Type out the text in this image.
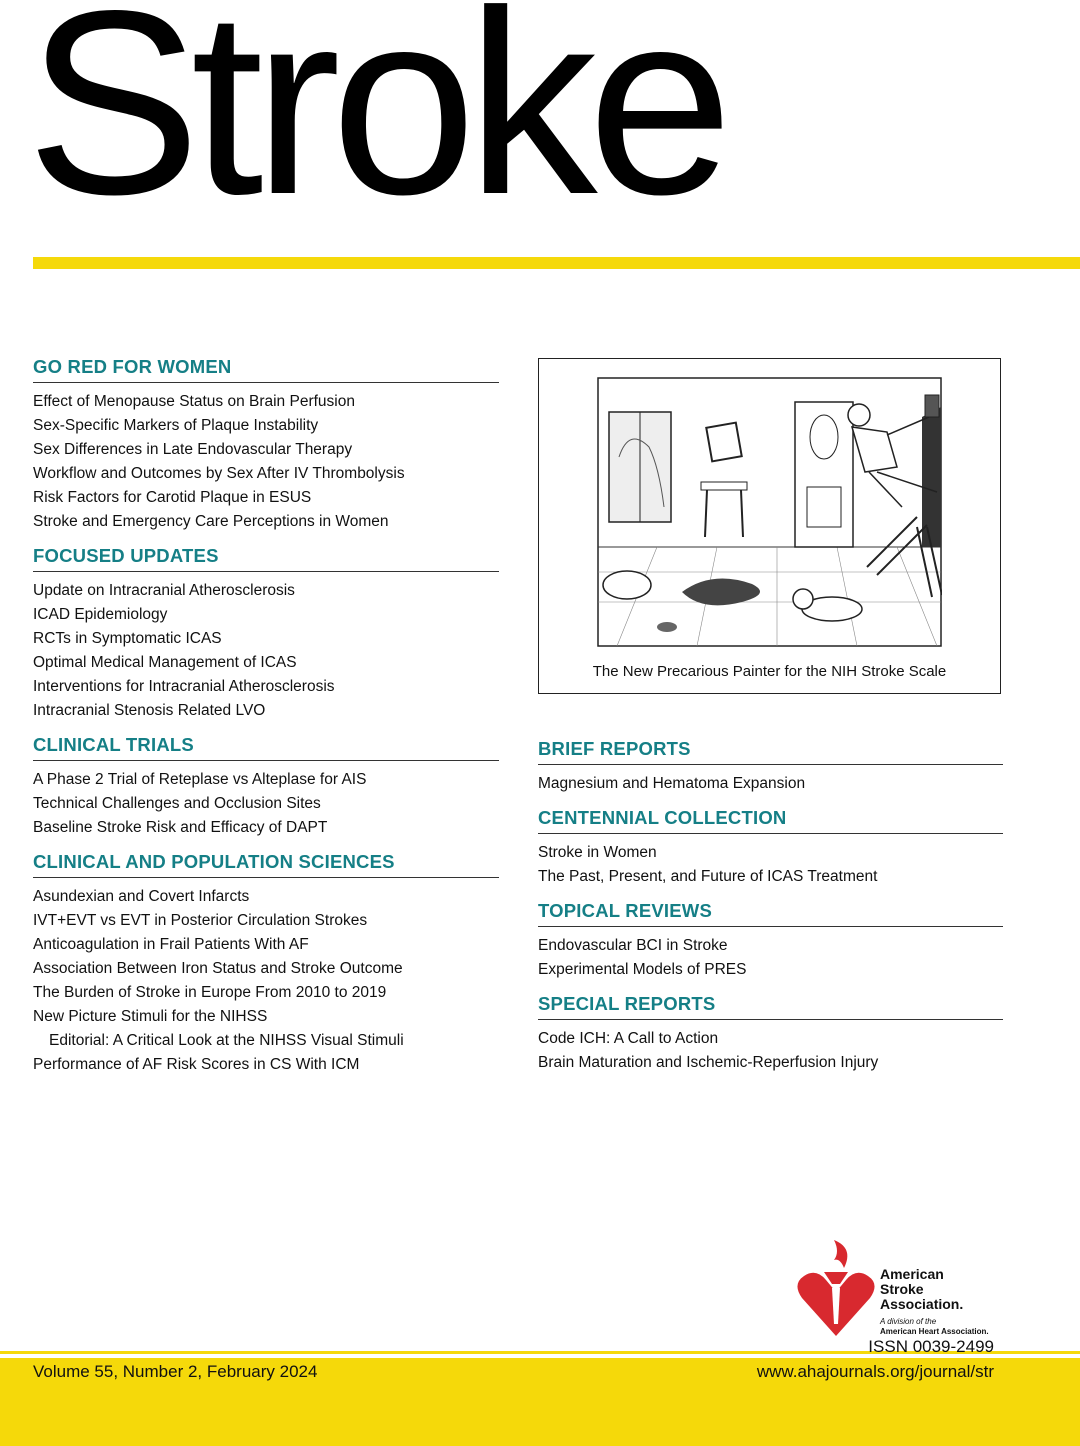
Stroke
GO RED FOR WOMEN
Effect of Menopause Status on Brain Perfusion
Sex-Specific Markers of Plaque Instability
Sex Differences in Late Endovascular Therapy
Workflow and Outcomes by Sex After IV Thrombolysis
Risk Factors for Carotid Plaque in ESUS
Stroke and Emergency Care Perceptions in Women
FOCUSED UPDATES
Update on Intracranial Atherosclerosis
ICAD Epidemiology
RCTs in Symptomatic ICAS
Optimal Medical Management of ICAS
Interventions for Intracranial Atherosclerosis
Intracranial Stenosis Related LVO
CLINICAL TRIALS
A Phase 2 Trial of Reteplase vs Alteplase for AIS
Technical Challenges and Occlusion Sites
Baseline Stroke Risk and Efficacy of DAPT
CLINICAL AND POPULATION SCIENCES
Asundexian and Covert Infarcts
IVT+EVT vs EVT in Posterior Circulation Strokes
Anticoagulation in Frail Patients With AF
Association Between Iron Status and Stroke Outcome
The Burden of Stroke in Europe From 2010 to 2019
New Picture Stimuli for the NIHSS
Editorial: A Critical Look at the NIHSS Visual Stimuli
Performance of AF Risk Scores in CS With ICM
The New Precarious Painter for the NIH Stroke Scale
BRIEF REPORTS
Magnesium and Hematoma Expansion
CENTENNIAL COLLECTION
Stroke in Women
The Past, Present, and Future of ICAS Treatment
TOPICAL REVIEWS
Endovascular BCI in Stroke
Experimental Models of PRES
SPECIAL REPORTS
Code ICH: A Call to Action
Brain Maturation and Ischemic-Reperfusion Injury
American
Stroke
Association.
A division of the
American Heart Association.
ISSN 0039-2499
www.ahajournals.org/journal/str
Volume 55, Number 2, February 2024
